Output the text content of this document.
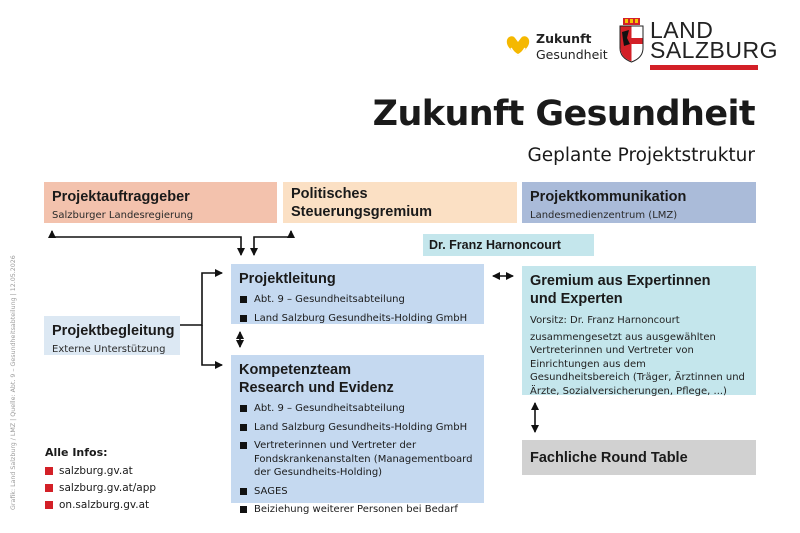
Zukunft
Gesundheit
LAND
SALZBURG
Zukunft Gesundheit
Geplante Projektstruktur
Grafik: Land Salzburg / LMZ | Quelle: Abt. 9 – Gesundheitsabteilung | 12.05.2026
Projektauftraggeber
Salzburger Landesregierung
Politisches Steuerungsgremium
Projektkommunikation
Landesmedienzentrum (LMZ)
Dr. Franz Harnoncourt
Projektleitung
Abt. 9 – Gesundheitsabteilung
Land Salzburg Gesundheits-Holding GmbH
Gremium aus Expertinnen
und Experten
Vorsitz: Dr. Franz Harnoncourt
zusammengesetzt aus ausgewählten Vertreterinnen und Vertreter von Einrichtungen aus dem Gesundheitsbereich (Träger, Ärztinnen und Ärzte, Sozialversicherungen, Pflege, ...)
Projektbegleitung
Externe Unterstützung
Kompetenzteam
Research und Evidenz
Abt. 9 – Gesundheitsabteilung
Land Salzburg Gesundheits-Holding GmbH
Vertreterinnen und Vertreter der Fondskrankenanstalten (Managementboard der Gesundheits-Holding)
SAGES
Beiziehung weiterer Personen bei Bedarf
Fachliche Round Table
Alle Infos:
salzburg.gv.at
salzburg.gv.at/app
on.salzburg.gv.at
